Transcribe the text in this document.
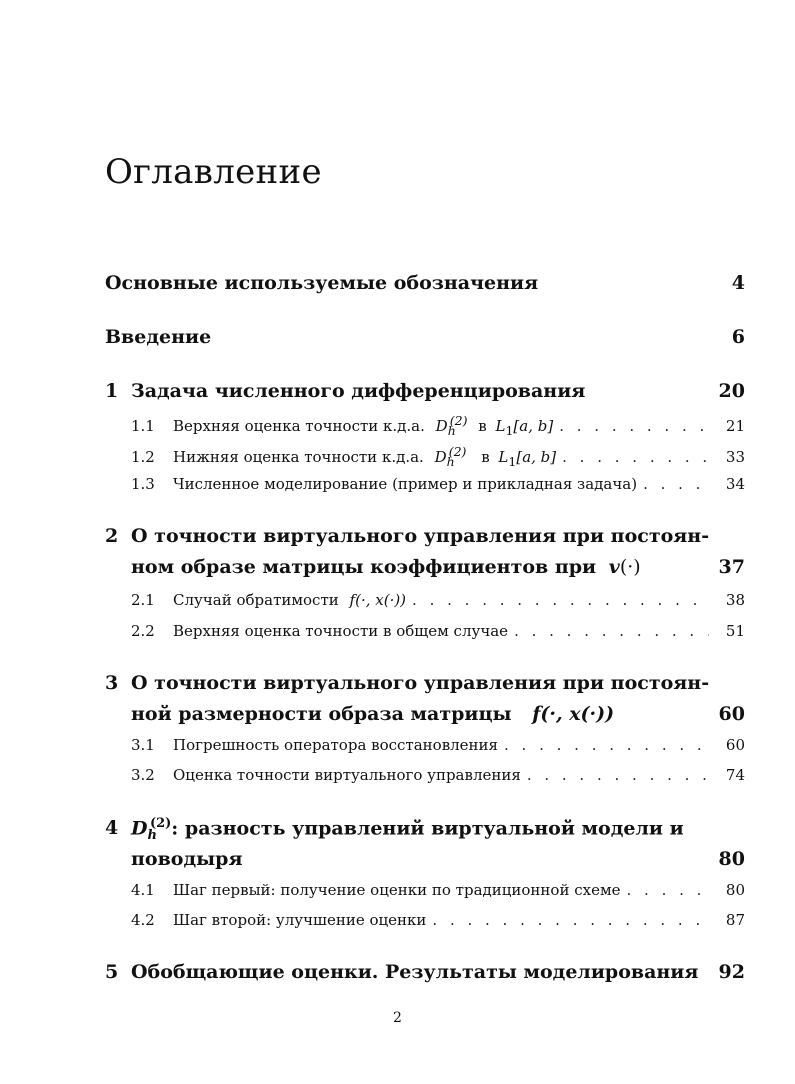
Оглавление
Основные используемые обозначения	4
Введение	6
1 Задача численного дифференцирования	20
1.1	Верхняя оценка точности к.д.а. $D_h^{(2)}$ в $L_1[a$, b] . . .	21
1.2	Нижняя оценка точности к.д.а. $D_h^{(2)}$ в $L_1[a$, b] . . .	33
1.3	Численное моделирование (пример и прикладная задача) . . .	34
2 О точности виртуального управления при постоян-
ном образе матрицы коэффициентов при v(·)	37
2.1	Случай обратимости f(·, x(·)) . . .	38
2.2	Верхняя оценка точности в общем случае . . .	51
3 О точности виртуального управления при постоян-
ной размерности образа матрицы f(·, x(·))	60
3.1	Погрешность оператора восстановления . . .	60
3.2	Оценка точности виртуального управления . . .	74
4 $D_h^{(2)}$: разность управлений виртуальной модели и
поводыря	80
4.1	Шаг первый: получение оценки по традиционной схеме . . .	80
4.2	Шаг второй: улучшение оценки . . .	87
5 Обобщающие оценки. Результаты моделирования	92
2
